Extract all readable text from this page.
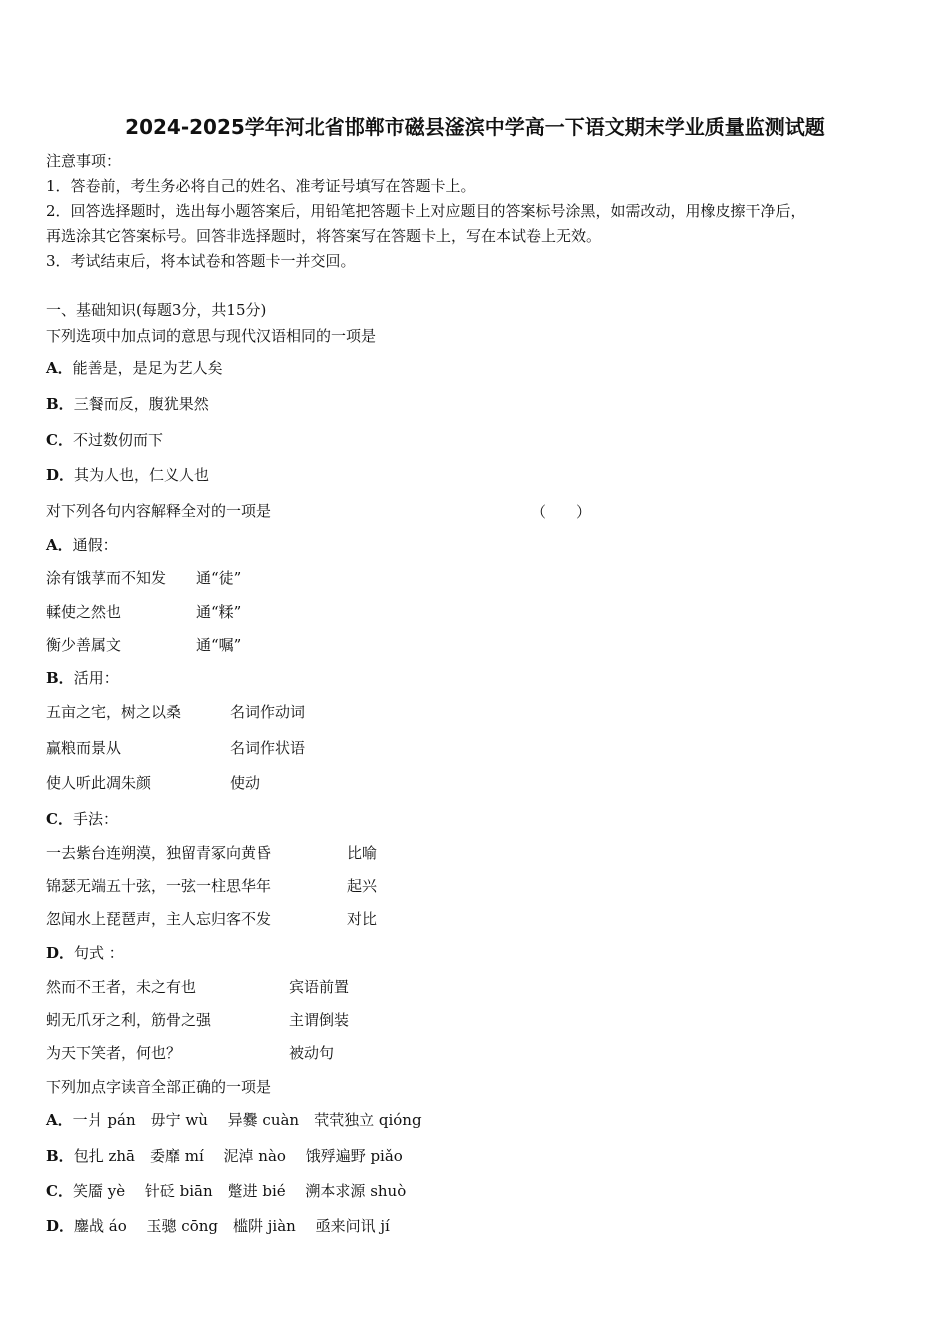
2024-2025学年河北省邯郸市磁县滏滨中学高一下语文期末学业质量监测试题
注意事项：
1．答卷前，考生务必将自己的姓名、准考证号填写在答题卡上。
2．回答选择题时，选出每小题答案后，用铅笔把答题卡上对应题目的答案标号涂黑，如需改动，用橡皮擦干净后，
再选涂其它答案标号。回答非选择题时，将答案写在答题卡上，写在本试卷上无效。
3．考试结束后，将本试卷和答题卡一并交回。
一、基础知识(每题3分，共15分)
下列选项中加点词的意思与现代汉语相同的一项是
A．能善是，是足为艺人矣
B．三餐而反，腹犹果然
C．不过数仞而下
D．其为人也，仁义人也
对下列各句内容解释全对的一项是	（　　）
A．通假：
涂有饿莩而不知发 通“徒”
輮使之然也	通“糅”
衡少善属文	通“嘱”
B．活用：
五亩之宅，树之以桑	名词作动词
赢粮而景从	名词作状语
使人听此凋朱颜	使动
C．手法：
一去紫台连朔漠，独留青冢向黄昏	比喻
锦瑟无端五十弦，一弦一柱思华年	起兴
忽闻水上琵琶声，主人忘归客不发	对比
D．句式 ：
然而不王者，未之有也	宾语前置
蚓无爪牙之利，筋骨之强	主谓倒装
为天下笑者，何也？	被动句
下列加点字读音全部正确的一项是
A．一爿 pán　毋宁 wù　 异爨 cuàn　茕茕独立 qióng
B．包扎 zhā　委靡 mí　 泥淖 nào　 饿殍遍野 piǎo
C．笑靥 yè　 针砭 biān　蹩进 bié　 溯本求源 shuò
D．鏖战 áo　 玉骢 cōng　槛阱 jiàn　 亟来问讯 jí
